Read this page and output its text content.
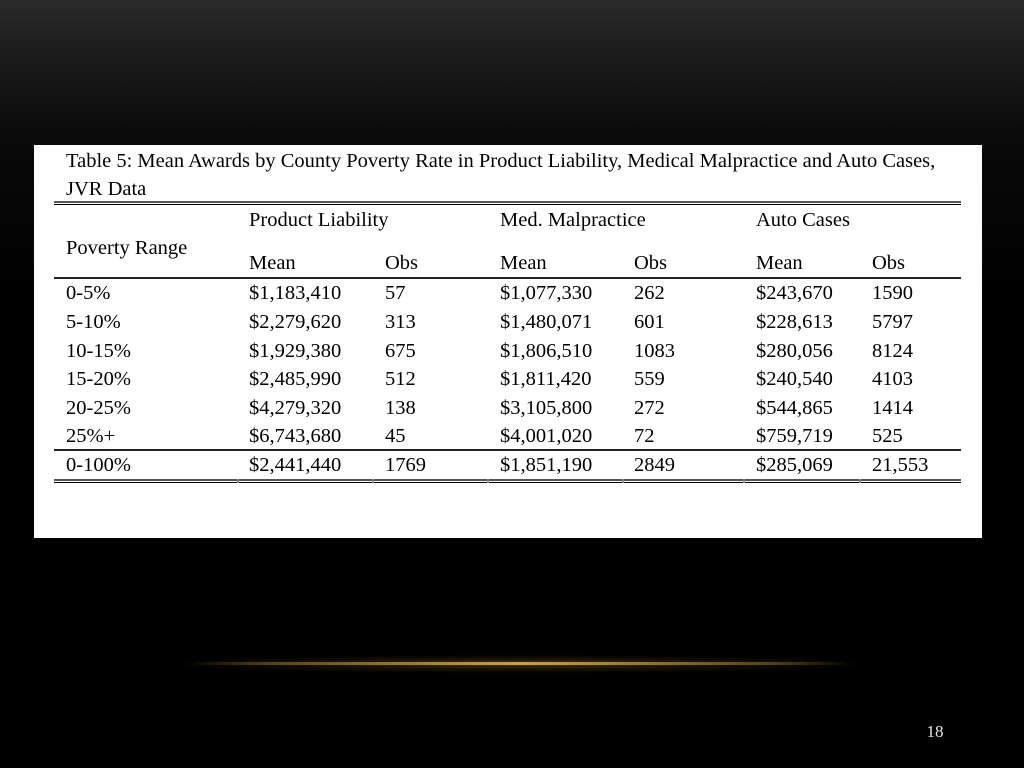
Table 5: Mean Awards by County Poverty Rate in Product Liability, Medical Malpractice and Auto Cases, JVR Data
Poverty Range
Product Liability	Med. Malpractice	Auto Cases
Mean	Obs	Mean	Obs	Mean	Obs
0-5%	$1,183,410 57	$1,077,330 262	$243,670 1590
5-10%	$2,279,620 313	$1,480,071 601	$228,613 5797
10-15%	$1,929,380 675	$1,806,510 1083	$280,056 8124
15-20%	$2,485,990 512	$1,811,420 559	$240,540 4103
20-25%	$4,279,320 138	$3,105,800 272	$544,865 1414
25%+	$6,743,680 45	$4,001,020 72	$759,719 525
0-100%	$2,441,440 1769	$1,851,190 2849	$285,069 21,553
18
